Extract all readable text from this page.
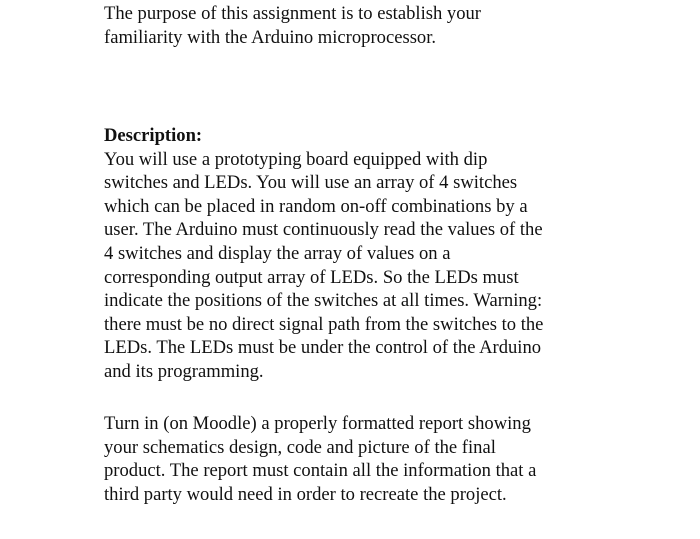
The purpose of this assignment is to establish your
familiarity with the Arduino microprocessor.
Description:
You will use a prototyping board equipped with dip
switches and LEDs. You will use an array of 4 switches
which can be placed in random on-off combinations by a
user. The Arduino must continuously read the values of the
4 switches and display the array of values on a
corresponding output array of LEDs. So the LEDs must
indicate the positions of the switches at all times. Warning:
there must be no direct signal path from the switches to the
LEDs. The LEDs must be under the control of the Arduino
and its programming.
Turn in (on Moodle) a properly formatted report showing
your schematics design, code and picture of the final
product. The report must contain all the information that a
third party would need in order to recreate the project.
